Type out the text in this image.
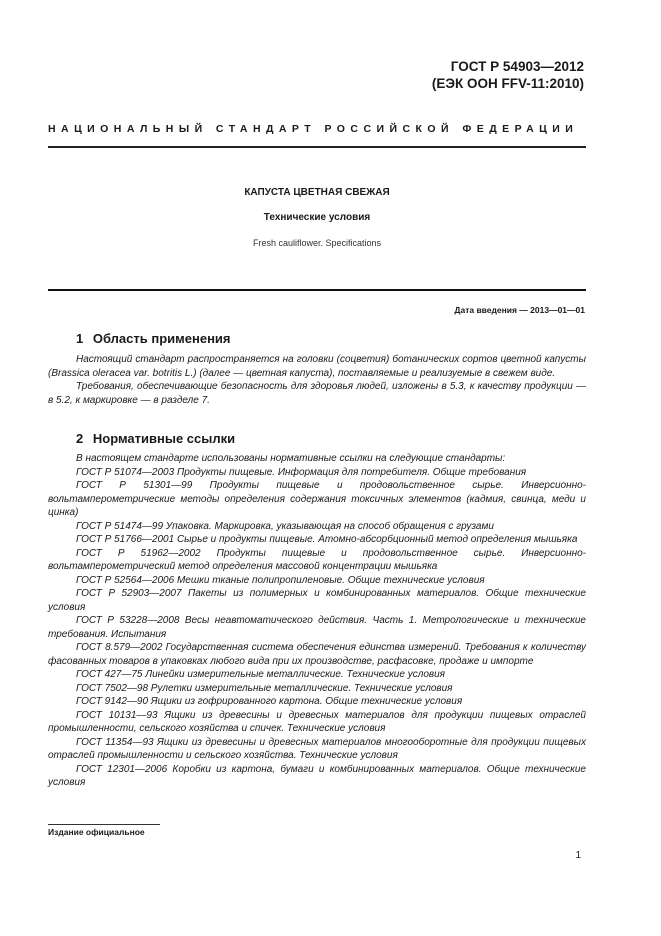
ГОСТ Р 54903—2012
(ЕЭК ООН FFV-11:2010)
НАЦИОНАЛЬНЫЙ СТАНДАРТ РОССИЙСКОЙ ФЕДЕРАЦИИ
КАПУСТА ЦВЕТНАЯ СВЕЖАЯ
Технические условия
Fresh cauliflower. Specifications
Дата введения — 2013—01—01
1 Область применения

Настоящий стандарт распространяется на головки (соцветия) ботанических сортов цветной капусты (Brassica oleracea var. botritis L.) (далее — цветная капуста), поставляемые и реализуемые в свежем виде.

Требования, обеспечивающие безопасность для здоровья людей, изложены в 5.3, к качеству продукции — в 5.2, к маркировке — в разделе 7.

2 Нормативные ссылки

В настоящем стандарте использованы нормативные ссылки на следующие стандарты:

ГОСТ Р 51074—2003 Продукты пищевые. Информация для потребителя. Общие требования

ГОСТ Р 51301—99 Продукты пищевые и продовольственное сырье. Инверсионно-вольтамперометрические методы определения содержания токсичных элементов (кадмия, свинца, меди и цинка)

ГОСТ Р 51474—99 Упаковка. Маркировка, указывающая на способ обращения с грузами

ГОСТ Р 51766—2001 Сырье и продукты пищевые. Атомно-абсорбционный метод определения мышьяка

ГОСТ Р 51962—2002 Продукты пищевые и продовольственное сырье. Инверсионно-вольтамперометрический метод определения массовой концентрации мышьяка

ГОСТ Р 52564—2006 Мешки тканые полипропиленовые. Общие технические условия

ГОСТ Р 52903—2007 Пакеты из полимерных и комбинированных материалов. Общие технические условия

ГОСТ Р 53228—2008 Весы неавтоматического действия. Часть 1. Метрологические и технические требования. Испытания

ГОСТ 8.579—2002 Государственная система обеспечения единства измерений. Требования к количеству фасованных товаров в упаковках любого вида при их производстве, расфасовке, продаже и импорте

ГОСТ 427—75 Линейки измерительные металлические. Технические условия

ГОСТ 7502—98 Рулетки измерительные металлические. Технические условия

ГОСТ 9142—90 Ящики из гофрированного картона. Общие технические условия

ГОСТ 10131—93 Ящики из древесины и древесных материалов для продукции пищевых отраслей промышленности, сельского хозяйства и спичек. Технические условия

ГОСТ 11354—93 Ящики из древесины и древесных материалов многооборотные для продукции пищевых отраслей промышленности и сельского хозяйства. Технические условия

ГОСТ 12301—2006 Коробки из картона, бумаги и комбинированных материалов. Общие технические условия

Издание официальное
1
